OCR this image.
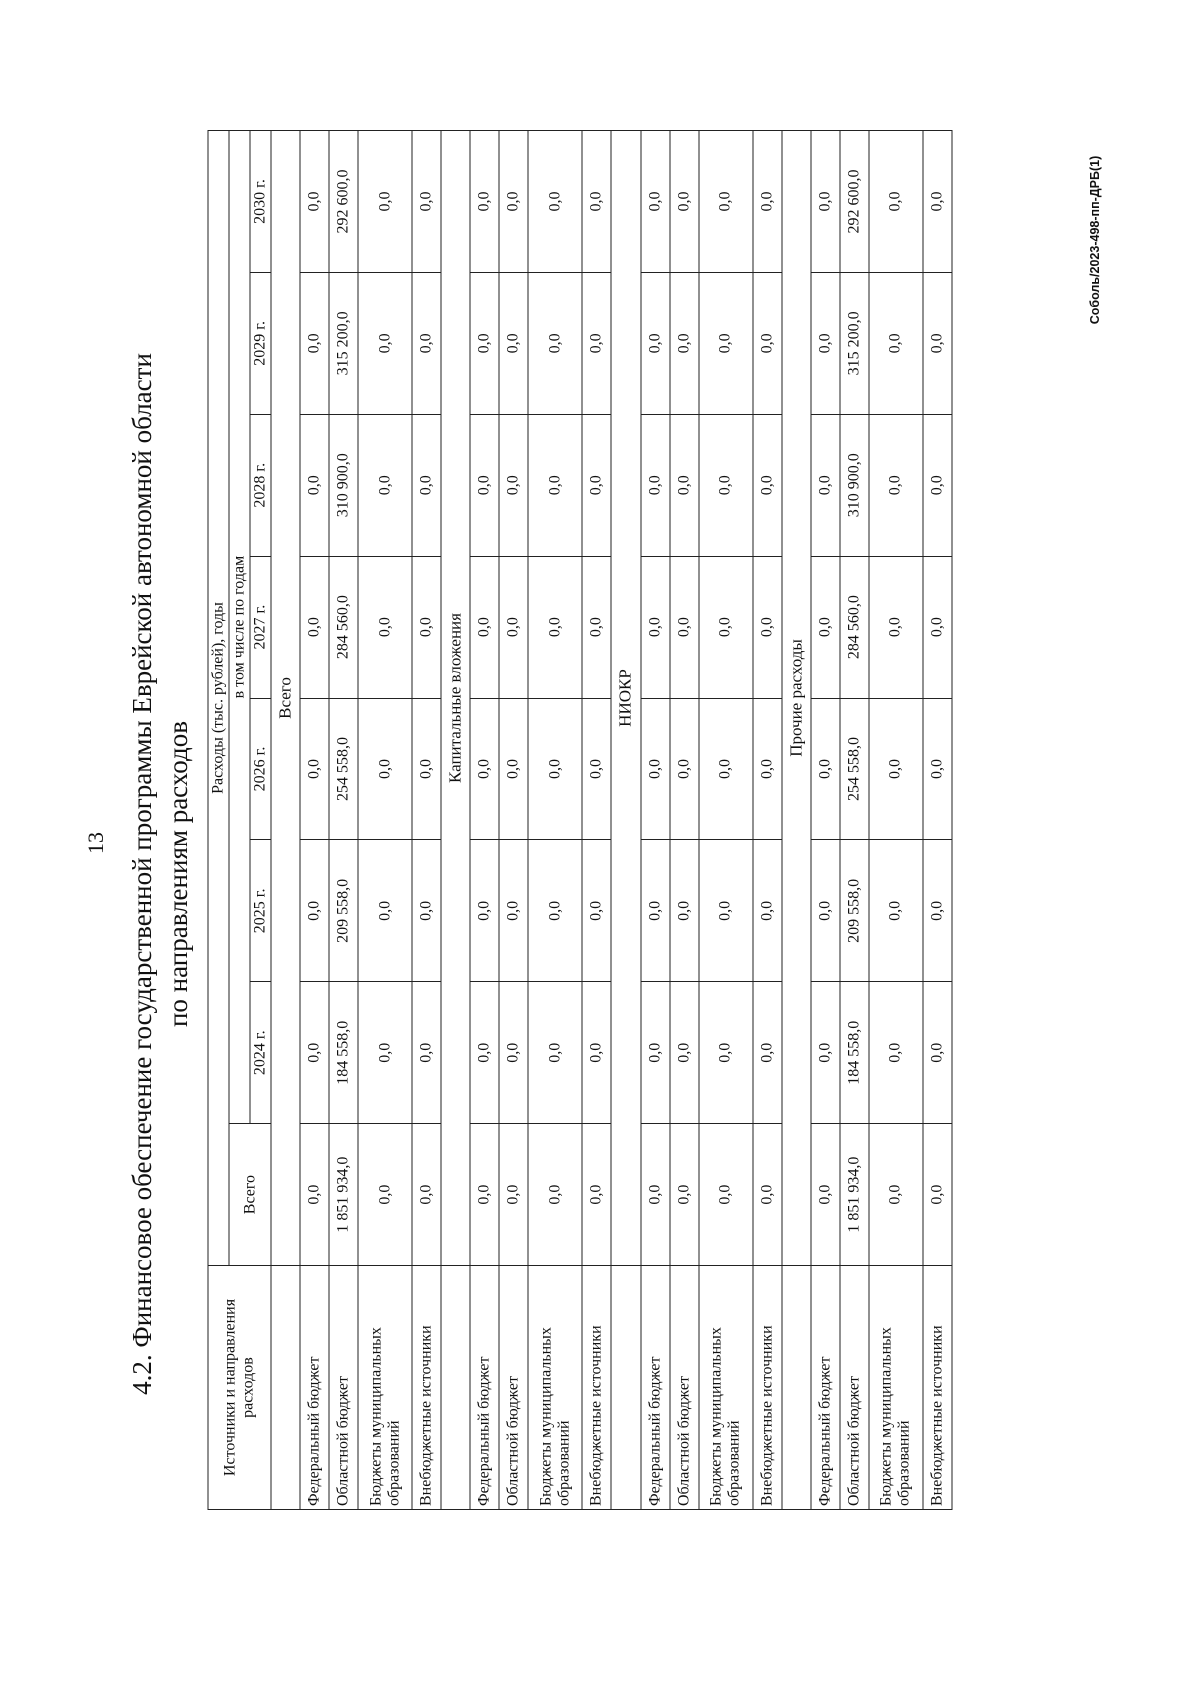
13
Соболь/2023-498-пп-ДРБ(1)
4.2. Финансовое обеспечение государственной программы Еврейской автономной области по направлениям расходов
Источники и направления расходов	Расходы (тыс. рублей), годы							
	Всего	в том числе по годам						
		2024 г.	2025 г.	2026 г.	2027 г.	2028 г.	2029 г.	2030 г.
	Всего							
Федеральный бюджет	0,0	0,0	0,0	0,0	0,0	0,0	0,0	0,0
Областной бюджет	1 851 934,0	184 558,0	209 558,0	254 558,0	284 560,0	310 900,0	315 200,0	292 600,0
Бюджеты муниципальных образований	0,0	0,0	0,0	0,0	0,0	0,0	0,0	0,0
Внебюджетные источники	0,0	0,0	0,0	0,0	0,0	0,0	0,0	0,0
	Капитальные вложения							
Федеральный бюджет	0,0	0,0	0,0	0,0	0,0	0,0	0,0	0,0
Областной бюджет	0,0	0,0	0,0	0,0	0,0	0,0	0,0	0,0
Бюджеты муниципальных образований	0,0	0,0	0,0	0,0	0,0	0,0	0,0	0,0
Внебюджетные источники	0,0	0,0	0,0	0,0	0,0	0,0	0,0	0,0
	НИОКР							
Федеральный бюджет	0,0	0,0	0,0	0,0	0,0	0,0	0,0	0,0
Областной бюджет	0,0	0,0	0,0	0,0	0,0	0,0	0,0	0,0
Бюджеты муниципальных образований	0,0	0,0	0,0	0,0	0,0	0,0	0,0	0,0
Внебюджетные источники	0,0	0,0	0,0	0,0	0,0	0,0	0,0	0,0
	Прочие расходы							
Федеральный бюджет	0,0	0,0	0,0	0,0	0,0	0,0	0,0	0,0
Областной бюджет	1 851 934,0	184 558,0	209 558,0	254 558,0	284 560,0	310 900,0	315 200,0	292 600,0
Бюджеты муниципальных образований	0,0	0,0	0,0	0,0	0,0	0,0	0,0	0,0
Внебюджетные источники	0,0	0,0	0,0	0,0	0,0	0,0	0,0	0,0
